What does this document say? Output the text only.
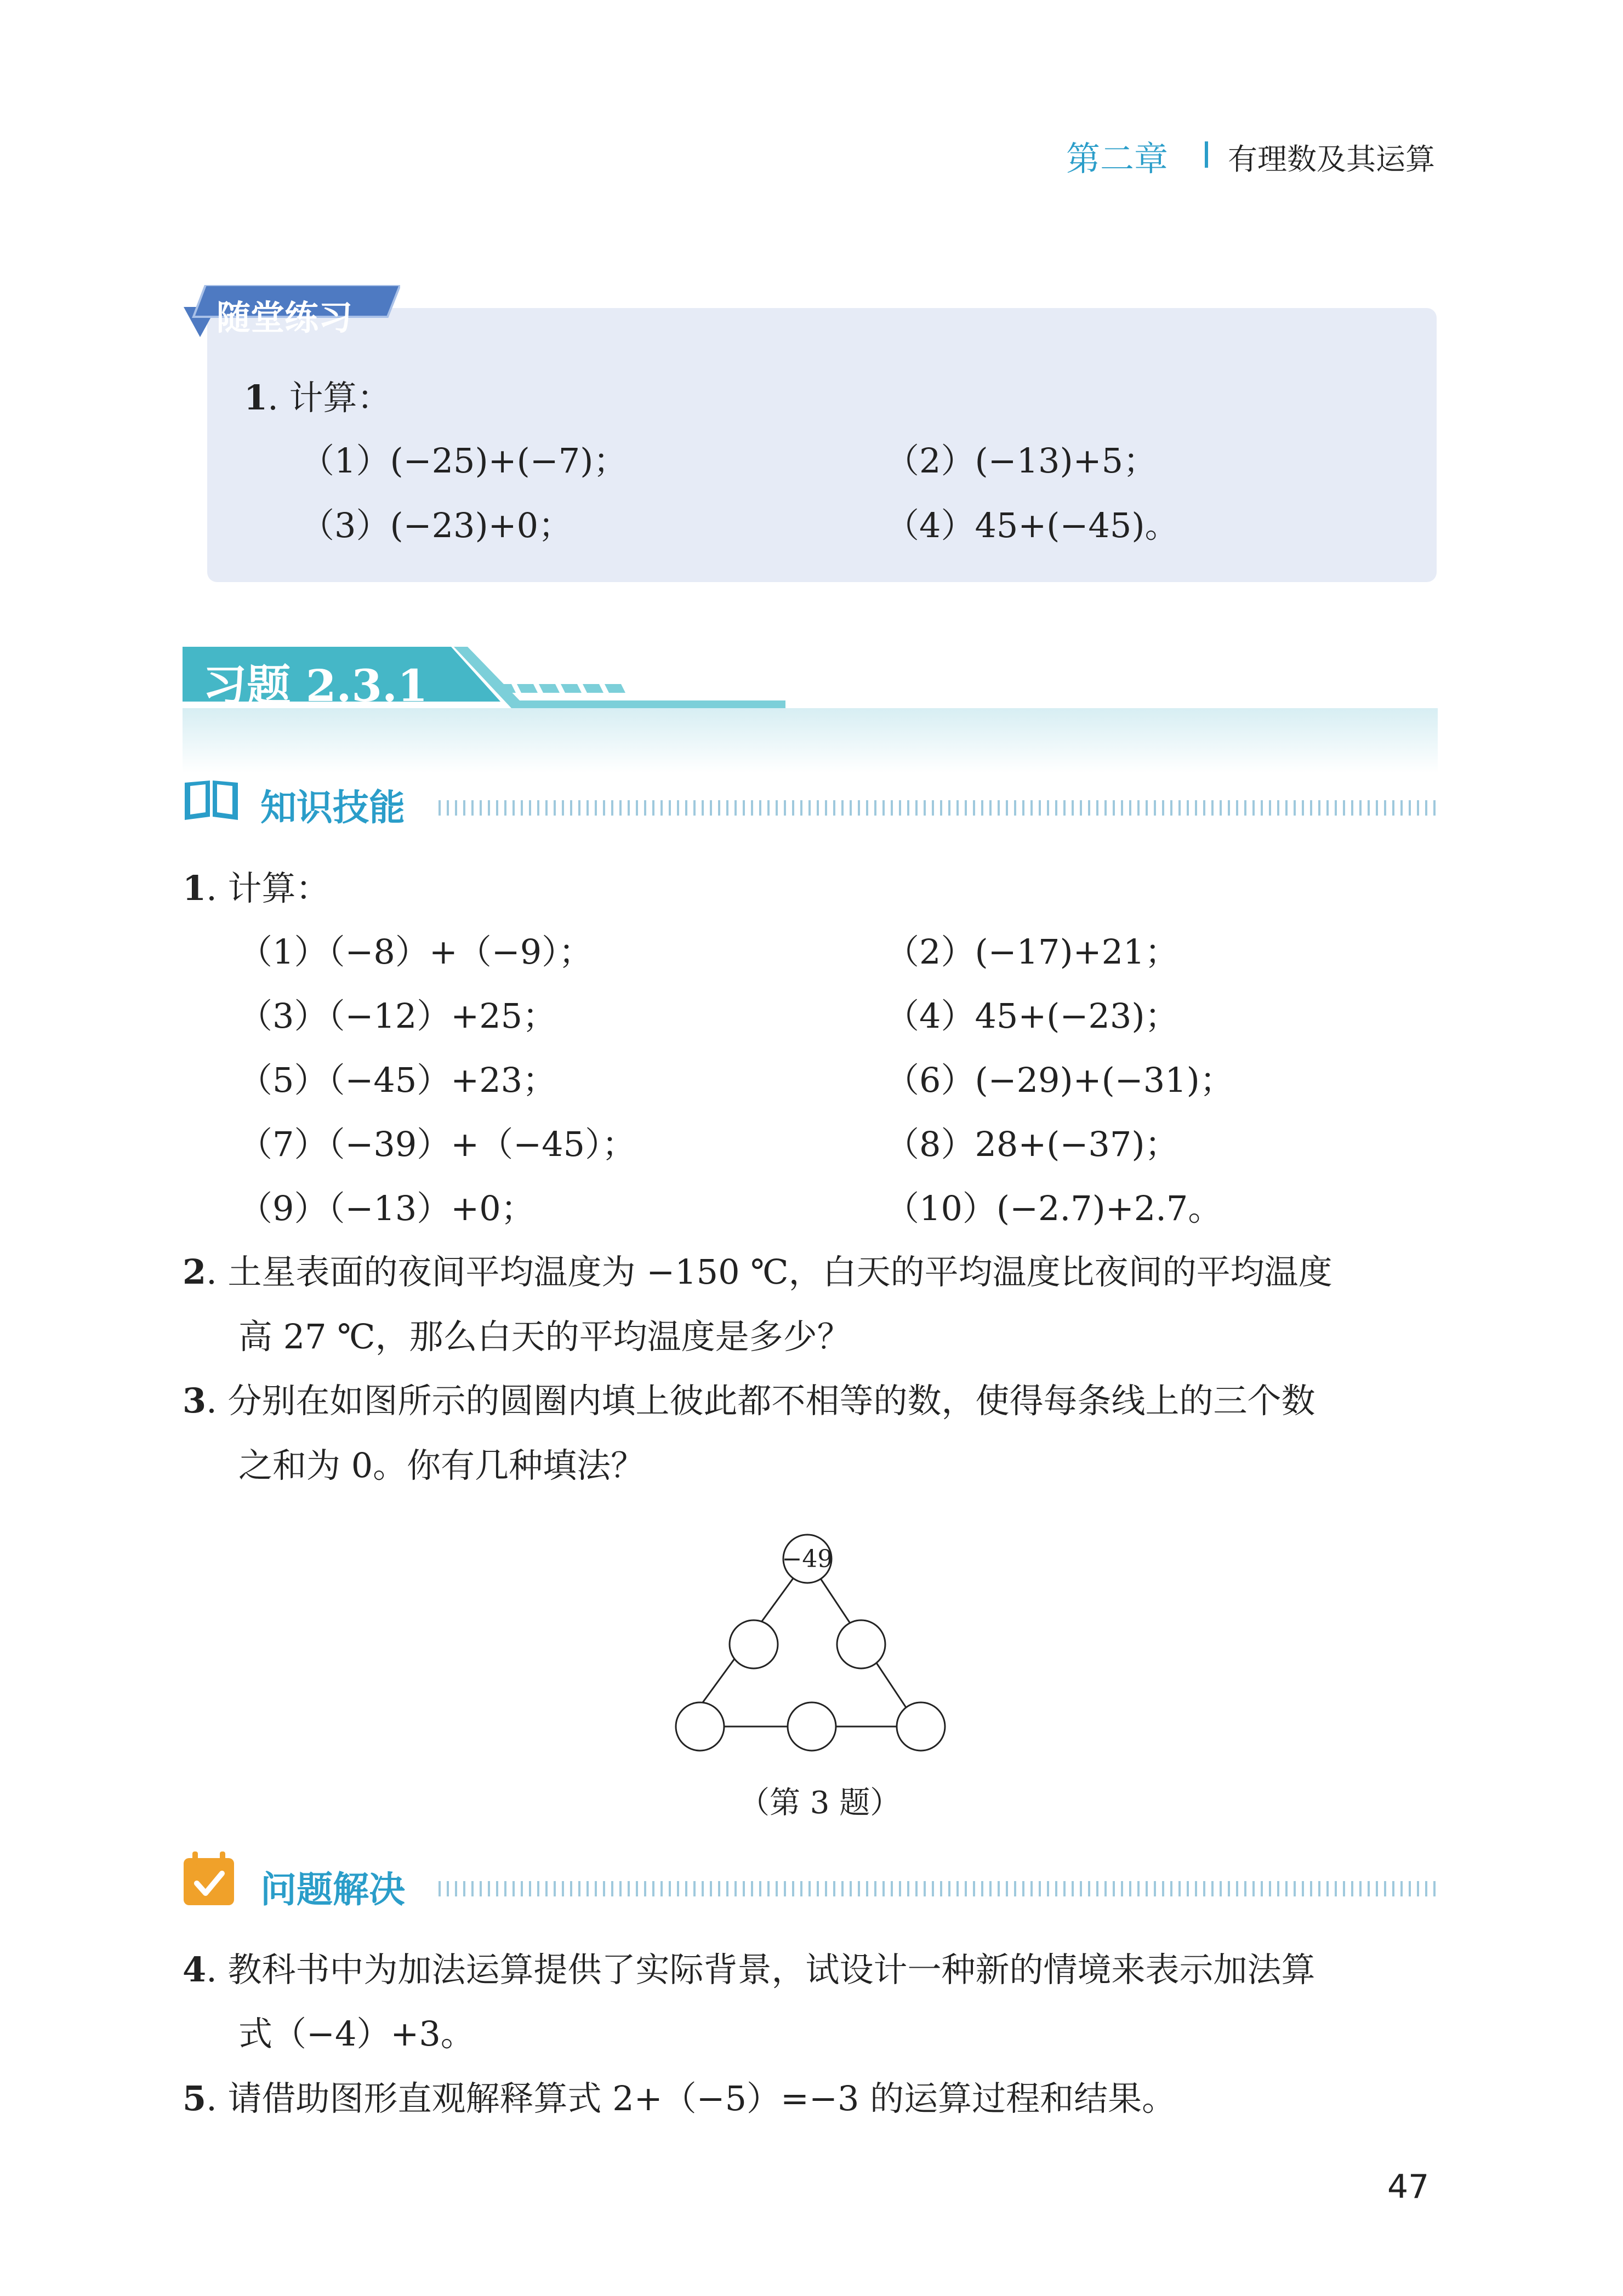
第二章 有理数及其运算
随堂练习
1. 计算：
（1）(−25)+(−7)；	（2）(−13)+5；
（3）(−23)+0；	（4）45+(−45)。
习题 2.3.1
知识技能
1. 计算：
（1）（−8）+（−9）；	（2）(−17)+21；
（3）（−12）+25；	（4）45+(−23)；
（5）（−45）+23；	（6）(−29)+(−31)；
（7）（−39）+（−45）；	（8）28+(−37)；
（9）（−13）+0；	（10）(−2.7)+2.7。
2. 土星表面的夜间平均温度为 −150 ℃，白天的平均温度比夜间的平均温度
高 27 ℃，那么白天的平均温度是多少？
3. 分别在如图所示的圆圈内填上彼此都不相等的数，使得每条线上的三个数
之和为 0。你有几种填法？
−49
（第 3 题）
问题解决
4. 教科书中为加法运算提供了实际背景，试设计一种新的情境来表示加法算
式（−4）+3。
5. 请借助图形直观解释算式 2+（−5）=−3 的运算过程和结果。
47
